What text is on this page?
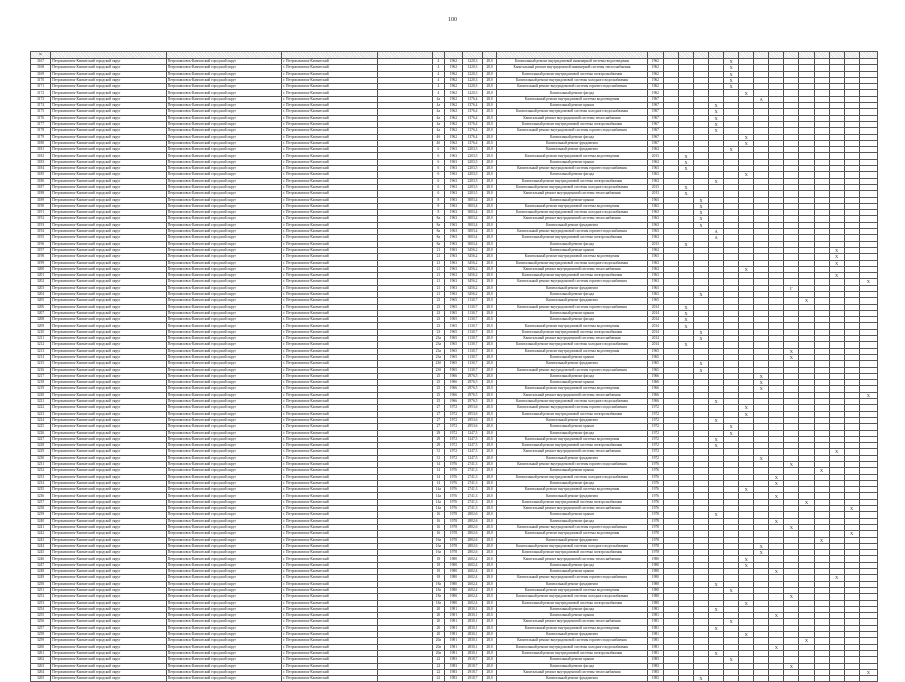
100
№																								
3167	Петропавловск-Камчатский городской округ	Петропавловск-Камчатский городской округ	г. Петропавловск-Камчатский		4	1962	1220,3	28,0	Капитальный ремонт внутридомовой инженерной системы водоотведения	1962					X									
3168	Петропавловск-Камчатский городской округ	Петропавловск-Камчатский городской округ	г. Петропавловск-Камчатский		4	1962	1220,3	28,0	Капитальный ремонт внутридомовой инженерной системы теплоснабжения	1962					X									
3169	Петропавловск-Камчатский городской округ	Петропавловск-Камчатский городской округ	г. Петропавловск-Камчатский		4	1962	1220,3	28,0	Капитальный ремонт внутридомовой системы электроснабжения	1962					X									
3170	Петропавловск-Камчатский городской округ	Петропавловск-Камчатский городской округ	г. Петропавловск-Камчатский		4	1962	1220,3	28,0	Капитальный ремонт внутридомовой системы холодного водоснабжения	1962					X									
3171	Петропавловск-Камчатский городской округ	Петропавловск-Камчатский городской округ	г. Петропавловск-Камчатский		4	1962	1220,3	28,0	Капитальный ремонт внутридомовой системы горячего водоснабжения	1962					X									
3172	Петропавловск-Камчатский городской округ	Петропавловск-Камчатский городской округ	г. Петропавловск-Камчатский		4	1962	1220,3	28,0	Капитальный ремонт фасада	1962						X								
3173	Петропавловск-Камчатский городской округ	Петропавловск-Камчатский городской округ	г. Петропавловск-Камчатский		4а	1962	1376,4	28,0	Капитальный ремонт внутридомовой системы водоотведения	1967							А							
3174	Петропавловск-Камчатский городской округ	Петропавловск-Камчатский городской округ	г. Петропавловск-Камчатский		4а	1962	1376,4	28,0	Капитальный ремонт крыши	1967				X										
3175	Петропавловск-Камчатский городской округ	Петропавловск-Камчатский городской округ	г. Петропавловск-Камчатский		4а	1962	1376,4	28,0	Капитальный ремонт внутридомовой системы холодного водоснабжения	1967				X										
3176	Петропавловск-Камчатский городской округ	Петропавловск-Камчатский городской округ	г. Петропавловск-Камчатский		4а	1962	1376,4	28,0	Капитальный ремонт внутридомовой системы теплоснабжения	1967				X										
3177	Петропавловск-Камчатский городской округ	Петропавловск-Камчатский городской округ	г. Петропавловск-Камчатский		4а	1962	1376,4	28,0	Капитальный ремонт внутридомовой системы электроснабжения	1967				X										
3178	Петропавловск-Камчатский городской округ	Петропавловск-Камчатский городской округ	г. Петропавловск-Камчатский		4а	1962	1376,4	28,0	Капитальный ремонт внутридомовой системы горячего водоснабжения	1967				X										
3179	Петропавловск-Камчатский городской округ	Петропавловск-Камчатский городской округ	г. Петропавловск-Камчатский		4б	1962	1376,4	28,0	Капитальный ремонт фасада	1967						X								
3180	Петропавловск-Камчатский городской округ	Петропавловск-Камчатский городской округ	г. Петропавловск-Камчатский		4б	1962	1376,4	28,0	Капитальный ремонт фундамента	1967						X								
3181	Петропавловск-Камчатский городской округ	Петропавловск-Камчатский городской округ	г. Петропавловск-Камчатский		6	1963	2203,5	28,0	Капитальный ремонт фундамента	1963					X									
3182	Петропавловск-Камчатский городской округ	Петропавловск-Камчатский городской округ	г. Петропавловск-Камчатский		6	1963	2203,5	28,0	Капитальный ремонт внутридомовой системы водоотведения	2013		X												
3183	Петропавловск-Камчатский городской округ	Петропавловск-Камчатский городской округ	г. Петропавловск-Камчатский		6	1963	2203,5	28,0	Капитальный ремонт крыши	1963		X												
3184	Петропавловск-Камчатский городской округ	Петропавловск-Камчатский городской округ	г. Петропавловск-Камчатский		6	1963	2203,5	28,0	Капитальный ремонт внутридомовой системы горячего водоснабжения	1963		X												
3185	Петропавловск-Камчатский городской округ	Петропавловск-Камчатский городской округ	г. Петропавловск-Камчатский		6	1963	2203,5	28,0	Капитальный ремонт фасада	1963						X								
3186	Петропавловск-Камчатский городской округ	Петропавловск-Камчатский городской округ	г. Петропавловск-Камчатский		6	1963	2203,5	28,0	Капитальный ремонт внутридомовой системы электроснабжения	1963				X										
3187	Петропавловск-Камчатский городской округ	Петропавловск-Камчатский городской округ	г. Петропавловск-Камчатский		6	1963	2203,5	28,0	Капитальный ремонт внутридомовой системы холодного водоснабжения	2013		X												
3188	Петропавловск-Камчатский городской округ	Петропавловск-Камчатский городской округ	г. Петропавловск-Камчатский		6	1963	2203,5	28,0	Капитальный ремонт внутридомовой системы теплоснабжения	2013		X												
3189	Петропавловск-Камчатский городской округ	Петропавловск-Камчатский городской округ	г. Петропавловск-Камчатский		8	1963	3003,4	28,0	Капитальный ремонт крыши	1963			X											
3190	Петропавловск-Камчатский городской округ	Петропавловск-Камчатский городской округ	г. Петропавловск-Камчатский		8	1963	3003,4	28,0	Капитальный ремонт внутридомовой системы водоотведения	1963			X											
3191	Петропавловск-Камчатский городской округ	Петропавловск-Камчатский городской округ	г. Петропавловск-Камчатский		8	1963	3003,4	28,0	Капитальный ремонт внутридомовой системы холодного водоснабжения	1963			X											
3192	Петропавловск-Камчатский городской округ	Петропавловск-Камчатский городской округ	г. Петропавловск-Камчатский		8а	1963	3003,4	28,0	Капитальный ремонт внутридомовой системы теплоснабжения	1963			X											
3193	Петропавловск-Камчатский городской округ	Петропавловск-Камчатский городской округ	г. Петропавловск-Камчатский		8а	1963	3003,4	28,0	Капитальный ремонт фундамента	1963			X											
3194	Петропавловск-Камчатский городской округ	Петропавловск-Камчатский городской округ	г. Петропавловск-Камчатский		8а	1963	3003,4	28,0	Капитальный ремонт внутридомовой системы горячего водоснабжения	1963				А										
3195	Петропавловск-Камчатский городской округ	Петропавловск-Камчатский городской округ	г. Петропавловск-Камчатский		8а	1963	3003,4	28,0	Капитальный ремонт внутридомовой системы электроснабжения	1963				А										
3196	Петропавловск-Камчатский городской округ	Петропавловск-Камчатский городской округ	г. Петропавловск-Камчатский		8а	1963	3003,4	28,0	Капитальный ремонт фасада	2013		X												
3197	Петропавловск-Камчатский городской округ	Петропавловск-Камчатский городской округ	г. Петропавловск-Камчатский		21	1963	3456,2	28,0	Капитальный ремонт крыши	1963												X		
3198	Петропавловск-Камчатский городской округ	Петропавловск-Камчатский городской округ	г. Петропавловск-Камчатский		21	1963	3456,2	28,0	Капитальный ремонт внутридомовой системы водоотведения	1963												X		
3199	Петропавловск-Камчатский городской округ	Петропавловск-Камчатский городской округ	г. Петропавловск-Камчатский		21	1963	3456,2	28,0	Капитальный ремонт внутридомовой системы холодного водоснабжения	1963												X		
3200	Петропавловск-Камчатский городской округ	Петропавловск-Камчатский городской округ	г. Петропавловск-Камчатский		21	1963	3456,2	28,0	Капитальный ремонт внутридомовой системы теплоснабжения	1963						X								
3201	Петропавловск-Камчатский городской округ	Петропавловск-Камчатский городской округ	г. Петропавловск-Камчатский		21	1963	3456,2	28,0	Капитальный ремонт внутридомовой системы электроснабжения	1963												X		
3202	Петропавловск-Камчатский городской округ	Петропавловск-Камчатский городской округ	г. Петропавловск-Камчатский		21	1963	3456,2	28,0	Капитальный ремонт внутридомовой системы горячего водоснабжения	1963														X
3203	Петропавловск-Камчатский городской округ	Петропавловск-Камчатский городской округ	г. Петропавловск-Камчатский		21	1963	3456,2	28,0	Капитальный ремонт фундамента	1963									Г					
3204	Петропавловск-Камчатский городской округ	Петропавловск-Камчатский городской округ	г. Петропавловск-Камчатский		21	1963	3456,2	28,0	Капитальный ремонт фасада	1963			X											
3205	Петропавловск-Камчатский городской округ	Петропавловск-Камчатский городской округ	г. Петропавловск-Камчатский		23	1965	1130,7	28,0	Капитальный ремонт фундамента	1965										X				
3206	Петропавловск-Камчатский городской округ	Петропавловск-Камчатский городской округ	г. Петропавловск-Камчатский		23	1965	1130,7	28,0	Капитальный ремонт внутридомовой системы горячего водоснабжения	2014		X												
3207	Петропавловск-Камчатский городской округ	Петропавловск-Камчатский городской округ	г. Петропавловск-Камчатский		23	1965	1130,7	28,0	Капитальный ремонт крыши	2014		X												
3208	Петропавловск-Камчатский городской округ	Петропавловск-Камчатский городской округ	г. Петропавловск-Камчатский		23	1965	1130,7	28,0	Капитальный ремонт фасада	2014		X												
3209	Петропавловск-Камчатский городской округ	Петропавловск-Камчатский городской округ	г. Петропавловск-Камчатский		23	1965	1130,7	28,0	Капитальный ремонт внутридомовой системы водоотведения	2014		X												
3210	Петропавловск-Камчатский городской округ	Петропавловск-Камчатский городской округ	г. Петропавловск-Камчатский		23	1965	1130,7	28,0	Капитальный ремонт внутридомовой системы электроснабжения	2014			X											
3211	Петропавловск-Камчатский городской округ	Петропавловск-Камчатский городской округ	г. Петропавловск-Камчатский		23а	1965	1130,7	28,0	Капитальный ремонт внутридомовой системы теплоснабжения	2014			X											
3212	Петропавловск-Камчатский городской округ	Петропавловск-Камчатский городской округ	г. Петропавловск-Камчатский		23а	1965	1130,7	28,0	Капитальный ремонт внутридомовой системы холодного водоснабжения	2014		X												
3213	Петропавловск-Камчатский городской округ	Петропавловск-Камчатский городской округ	г. Петропавловск-Камчатский		23а	1965	1130,7	28,0	Капитальный ремонт внутридомовой системы водоотведения	1965									X					
3214	Петропавловск-Камчатский городской округ	Петропавловск-Камчатский городской округ	г. Петропавловск-Камчатский		23а	1965	1130,7	28,0	Капитальный ремонт крыши	1965									X					
3215	Петропавловск-Камчатский городской округ	Петропавловск-Камчатский городской округ	г. Петропавловск-Камчатский		23б	1965	1130,7	28,0	Капитальный ремонт фундамента	1965			X											
3216	Петропавловск-Камчатский городской округ	Петропавловск-Камчатский городской округ	г. Петропавловск-Камчатский		23б	1965	1130,7	28,0	Капитальный ремонт внутридомовой системы горячего водоснабжения	1965			X											
3217	Петропавловск-Камчатский городской округ	Петропавловск-Камчатский городской округ	г. Петропавловск-Камчатский		25	1966	2976,5	28,0	Капитальный ремонт фасада	1966							X							
3218	Петропавловск-Камчатский городской округ	Петропавловск-Камчатский городской округ	г. Петропавловск-Камчатский		25	1966	2976,5	28,0	Капитальный ремонт крыши	1966							X							
3219	Петропавловск-Камчатский городской округ	Петропавловск-Камчатский городской округ	г. Петропавловск-Камчатский		25	1966	2976,5	28,0	Капитальный ремонт внутридомовой системы водоотведения	1966							X							
3220	Петропавловск-Камчатский городской округ	Петропавловск-Камчатский городской округ	г. Петропавловск-Камчатский		25	1966	2976,5	28,0	Капитальный ремонт внутридомовой системы теплоснабжения	1966														X
3221	Петропавловск-Камчатский городской округ	Петропавловск-Камчатский городской округ	г. Петропавловск-Камчатский		25	1966	2976,5	28,0	Капитальный ремонт внутридомовой системы холодного водоснабжения	1966				X										
3222	Петропавловск-Камчатский городской округ	Петропавловск-Камчатский городской округ	г. Петропавловск-Камчатский		27	1972	2953,6	28,0	Капитальный ремонт внутридомовой системы горячего водоснабжения	1972						X								
3223	Петропавловск-Камчатский городской округ	Петропавловск-Камчатский городской округ	г. Петропавловск-Камчатский		27	1972	2953,6	28,0	Капитальный ремонт внутридомовой системы электроснабжения	1972						X								
3224	Петропавловск-Камчатский городской округ	Петропавловск-Камчатский городской округ	г. Петропавловск-Камчатский		27	1972	2953,6	28,0	Капитальный ремонт фундамента	1972				Х										
3225	Петропавловск-Камчатский городской округ	Петропавловск-Камчатский городской округ	г. Петропавловск-Камчатский		27	1972	2953,6	28,0	Капитальный ремонт крыши	1972					X									
3226	Петропавловск-Камчатский городской округ	Петропавловск-Камчатский городской округ	г. Петропавловск-Камчатский		29	1972	1247,5	28,0	Капитальный ремонт фасада	1972					X									
3227	Петропавловск-Камчатский городской округ	Петропавловск-Камчатский городской округ	г. Петропавловск-Камчатский		29	1972	1247,5	28,0	Капитальный ремонт внутридомовой системы водоотведения	1972				X										
3228	Петропавловск-Камчатский городской округ	Петропавловск-Камчатский городской округ	г. Петропавловск-Камчатский		29	1972	1247,5	28,0	Капитальный ремонт внутридомовой системы электроснабжения	1972				X										
3229	Петропавловск-Камчатский городской округ	Петропавловск-Камчатский городской округ	г. Петропавловск-Камчатский		31	1972	1247,5	28,0	Капитальный ремонт внутридомовой системы теплоснабжения	1972												X		
3230	Петропавловск-Камчатский городской округ	Петропавловск-Камчатский городской округ	г. Петропавловск-Камчатский		31	1972	1247,5	28,0	Капитальный ремонт фундамента	1972							X							
3231	Петропавловск-Камчатский городской округ	Петропавловск-Камчатский городской округ	г. Петропавловск-Камчатский		14	1976	2741,3	28,0	Капитальный ремонт внутридомовой системы горячего водоснабжения	1976									X					
3232	Петропавловск-Камчатский городской округ	Петропавловск-Камчатский городской округ	г. Петропавловск-Камчатский		14	1976	2741,3	28,0	Капитальный ремонт крыши	1976											X			
3233	Петропавловск-Камчатский городской округ	Петропавловск-Камчатский городской округ	г. Петропавловск-Камчатский		14	1976	2741,3	28,0	Капитальный ремонт внутридомовой системы холодного водоснабжения	1976								X						
3234	Петропавловск-Камчатский городской округ	Петропавловск-Камчатский городской округ	г. Петропавловск-Камчатский		14	1976	2741,3	28,0	Капитальный ремонт фасада	1976								X						
3235	Петропавловск-Камчатский городской округ	Петропавловск-Камчатский городской округ	г. Петропавловск-Камчатский		14а	1976	2741,3	28,0	Капитальный ремонт внутридомовой системы водоотведения	1976						X								
3236	Петропавловск-Камчатский городской округ	Петропавловск-Камчатский городской округ	г. Петропавловск-Камчатский		14а	1976	2741,3	28,0	Капитальный ремонт фундамента	1976								X						
3237	Петропавловск-Камчатский городской округ	Петропавловск-Камчатский городской округ	г. Петропавловск-Камчатский		14а	1976	2741,3	28,0	Капитальный ремонт внутридомовой системы электроснабжения	1976										X				
3238	Петропавловск-Камчатский городской округ	Петропавловск-Камчатский городской округ	г. Петропавловск-Камчатский		14а	1976	2741,3	28,0	Капитальный ремонт внутридомовой системы теплоснабжения	1976													X	
3239	Петропавловск-Камчатский городской округ	Петропавловск-Камчатский городской округ	г. Петропавловск-Камчатский		16	1978	2802,6	28,0	Капитальный ремонт крыши	1978				X										
3240	Петропавловск-Камчатский городской округ	Петропавловск-Камчатский городской округ	г. Петропавловск-Камчатский		16	1978	2802,6	28,0	Капитальный ремонт фасада	1978								X						
3241	Петропавловск-Камчатский городской округ	Петропавловск-Камчатский городской округ	г. Петропавловск-Камчатский		16	1978	2802,6	28,0	Капитальный ремонт внутридомовой системы горячего водоснабжения	1978									X					
3242	Петропавловск-Камчатский городской округ	Петропавловск-Камчатский городской округ	г. Петропавловск-Камчатский		16	1978	2802,6	28,0	Капитальный ремонт внутридомовой системы водоотведения	1978													X	
3243	Петропавловск-Камчатский городской округ	Петропавловск-Камчатский городской округ	г. Петропавловск-Камчатский		16а	1978	2802,6	28,0	Капитальный ремонт фундамента	1978											X			
3244	Петропавловск-Камчатский городской округ	Петропавловск-Камчатский городской округ	г. Петропавловск-Камчатский		16а	1978	2802,6	28,0	Капитальный ремонт внутридомовой системы холодного водоснабжения	1978							X							
3245	Петропавловск-Камчатский городской округ	Петропавловск-Камчатский городской округ	г. Петропавловск-Камчатский		16а	1978	2802,6	28,0	Капитальный ремонт внутридомовой системы электроснабжения	1978							X							
3246	Петропавловск-Камчатский городской округ	Петропавловск-Камчатский городской округ	г. Петропавловск-Камчатский		18	1980	2602,4	28,0	Капитальный ремонт внутридомовой системы теплоснабжения	1980						X								
3247	Петропавловск-Камчатский городской округ	Петропавловск-Камчатский городской округ	г. Петропавловск-Камчатский		18	1980	2602,4	28,0	Капитальный ремонт фасада	1980						X								
3248	Петропавловск-Камчатский городской округ	Петропавловск-Камчатский городской округ	г. Петропавловск-Камчатский		18	1980	2602,4	28,0	Капитальный ремонт крыши	1980								X						
3249	Петропавловск-Камчатский городской округ	Петропавловск-Камчатский городской округ	г. Петропавловск-Камчатский		18	1980	2602,4	28,0	Капитальный ремонт внутридомовой системы горячего водоснабжения	1980												X		
3250	Петропавловск-Камчатский городской округ	Петропавловск-Камчатский городской округ	г. Петропавловск-Камчатский		18а	1980	2602,4	28,0	Капитальный ремонт фундамента	1980				X										
3251	Петропавловск-Камчатский городской округ	Петропавловск-Камчатский городской округ	г. Петропавловск-Камчатский		18а	1980	2602,4	28,0	Капитальный ремонт внутридомовой системы водоотведения	1980					X									
3252	Петропавловск-Камчатский городской округ	Петропавловск-Камчатский городской округ	г. Петропавловск-Камчатский		18а	1980	2602,4	28,0	Капитальный ремонт внутридомовой системы холодного водоснабжения	1980									X					
3253	Петропавловск-Камчатский городской округ	Петропавловск-Камчатский городской округ	г. Петропавловск-Камчатский		18а	1980	2602,4	28,0	Капитальный ремонт внутридомовой системы электроснабжения	1980						X								
3254	Петропавловск-Камчатский городской округ	Петропавловск-Камчатский городской округ	г. Петропавловск-Камчатский		20	1981	2830,1	28,0	Капитальный ремонт фасада	1981				X										
3255	Петропавловск-Камчатский городской округ	Петропавловск-Камчатский городской округ	г. Петропавловск-Камчатский		20	1981	2830,1	28,0	Капитальный ремонт крыши	1981								X						
3256	Петропавловск-Камчатский городской округ	Петропавловск-Камчатский городской округ	г. Петропавловск-Камчатский		20	1981	2830,1	28,0	Капитальный ремонт внутридомовой системы теплоснабжения	1981					X									
3257	Петропавловск-Камчатский городской округ	Петропавловск-Камчатский городской округ	г. Петропавловск-Камчатский		20	1981	2830,1	28,0	Капитальный ремонт внутридомовой системы водоотведения	1981				X										
3258	Петропавловск-Камчатский городской округ	Петропавловск-Камчатский городской округ	г. Петропавловск-Камчатский		20	1981	2830,1	28,0	Капитальный ремонт фундамента	1981						X								
3259	Петропавловск-Камчатский городской округ	Петропавловск-Камчатский городской округ	г. Петропавловск-Камчатский		20а	1981	2830,1	28,0	Капитальный ремонт внутридомовой системы горячего водоснабжения	1981										X				
3260	Петропавловск-Камчатский городской округ	Петропавловск-Камчатский городской округ	г. Петропавловск-Камчатский		20а	1981	2830,1	28,0	Капитальный ремонт внутридомовой системы холодного водоснабжения	1981								X						
3261	Петропавловск-Камчатский городской округ	Петропавловск-Камчатский городской округ	г. Петропавловск-Камчатский		20а	1981	2830,1	28,0	Капитальный ремонт внутридомовой системы электроснабжения	1981				X										
3262	Петропавловск-Камчатский городской округ	Петропавловск-Камчатский городской округ	г. Петропавловск-Камчатский		22	1983	2918,7	28,0	Капитальный ремонт крыши	1983					X									
3263	Петропавловск-Камчатский городской округ	Петропавловск-Камчатский городской округ	г. Петропавловск-Камчатский		22	1983	2918,7	28,0	Капитальный ремонт фасада	1983									X					
3264	Петропавловск-Камчатский городской округ	Петропавловск-Камчатский городской округ	г. Петропавловск-Камчатский		22	1983	2918,7	28,0	Капитальный ремонт внутридомовой системы теплоснабжения	1983														X
3265	Петропавловск-Камчатский городской округ	Петропавловск-Камчатский городской округ	г. Петропавловск-Камчатский		22	1983	2918,7	28,0	Капитальный ремонт фундамента	1983			X											
